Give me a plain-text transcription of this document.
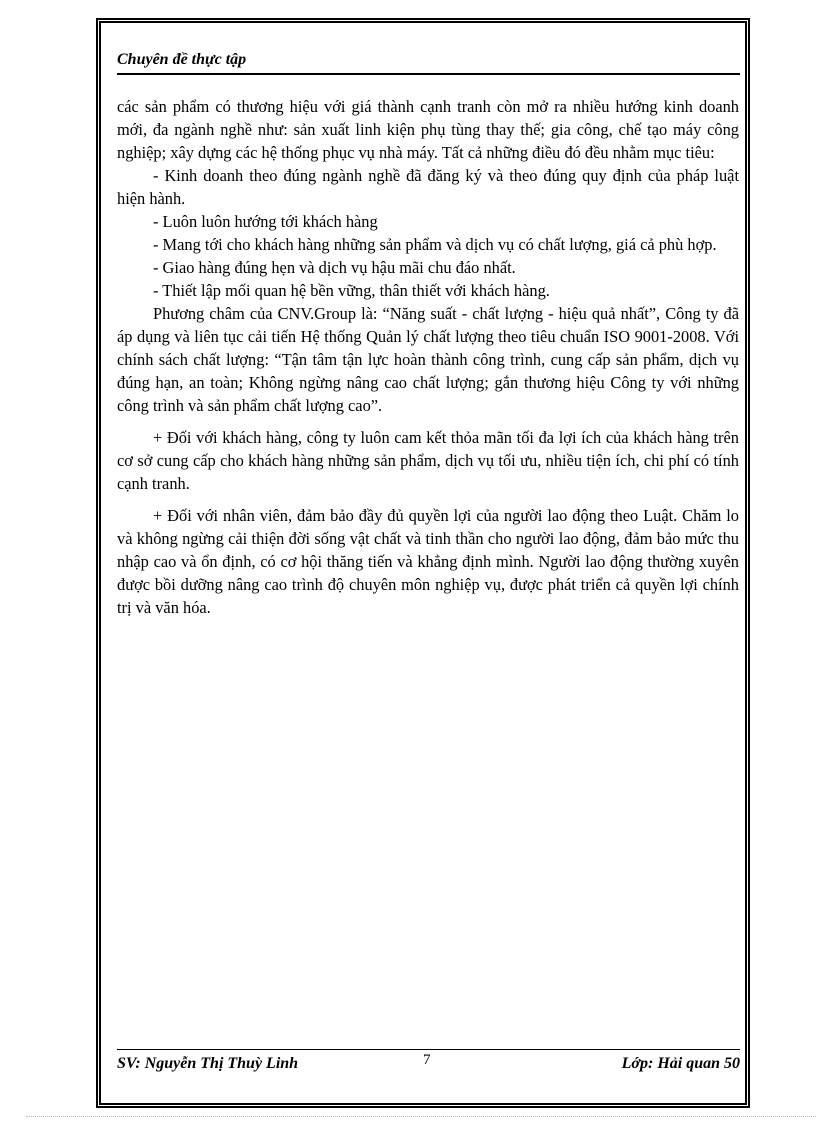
Chuyên đề thực tập

các sản phẩm có thương hiệu với giá thành cạnh tranh còn mở ra nhiều hướng kinh doanh mới, đa ngành nghề như: sản xuất linh kiện phụ tùng thay thế; gia công, chế tạo máy công nghiệp; xây dựng các hệ thống phục vụ nhà máy. Tất cả những điều đó đều nhằm mục tiêu:

- Kinh doanh theo đúng ngành nghề đã đăng ký và theo đúng quy định của pháp luật hiện hành.

- Luôn luôn hướng tới khách hàng

- Mang tới cho khách hàng những sản phẩm và dịch vụ có chất lượng, giá cả phù hợp.

- Giao hàng đúng hẹn và dịch vụ hậu mãi chu đáo nhất.

- Thiết lập mối quan hệ bền vững, thân thiết với khách hàng.

Phương châm của CNV.Group là: “Năng suất - chất lượng - hiệu quả nhất”, Công ty đã áp dụng và liên tục cải tiến Hệ thống Quản lý chất lượng theo tiêu chuẩn ISO 9001-2008. Với chính sách chất lượng: “Tận tâm tận lực hoàn thành công trình, cung cấp sản phẩm, dịch vụ đúng hạn, an toàn; Không ngừng nâng cao chất lượng; gắn thương hiệu Công ty với những công trình và sản phẩm chất lượng cao”.

+ Đối với khách hàng, công ty luôn cam kết thỏa mãn tối đa lợi ích của khách hàng trên cơ sở cung cấp cho khách hàng những sản phẩm, dịch vụ tối ưu, nhiều tiện ích, chi phí có tính cạnh tranh.

+ Đối với nhân viên, đảm bảo đầy đủ quyền lợi của người lao động theo Luật. Chăm lo và không ngừng cải thiện đời sống vật chất và tinh thần cho người lao động, đảm bảo mức thu nhập cao và ổn định, có cơ hội thăng tiến và khẳng định mình. Người lao động thường xuyên được bồi dưỡng nâng cao trình độ chuyên môn nghiệp vụ, được phát triển cả quyền lợi chính trị và văn hóa.

SV: Nguyễn Thị Thuỳ Linh	7	Lớp: Hải quan 50
